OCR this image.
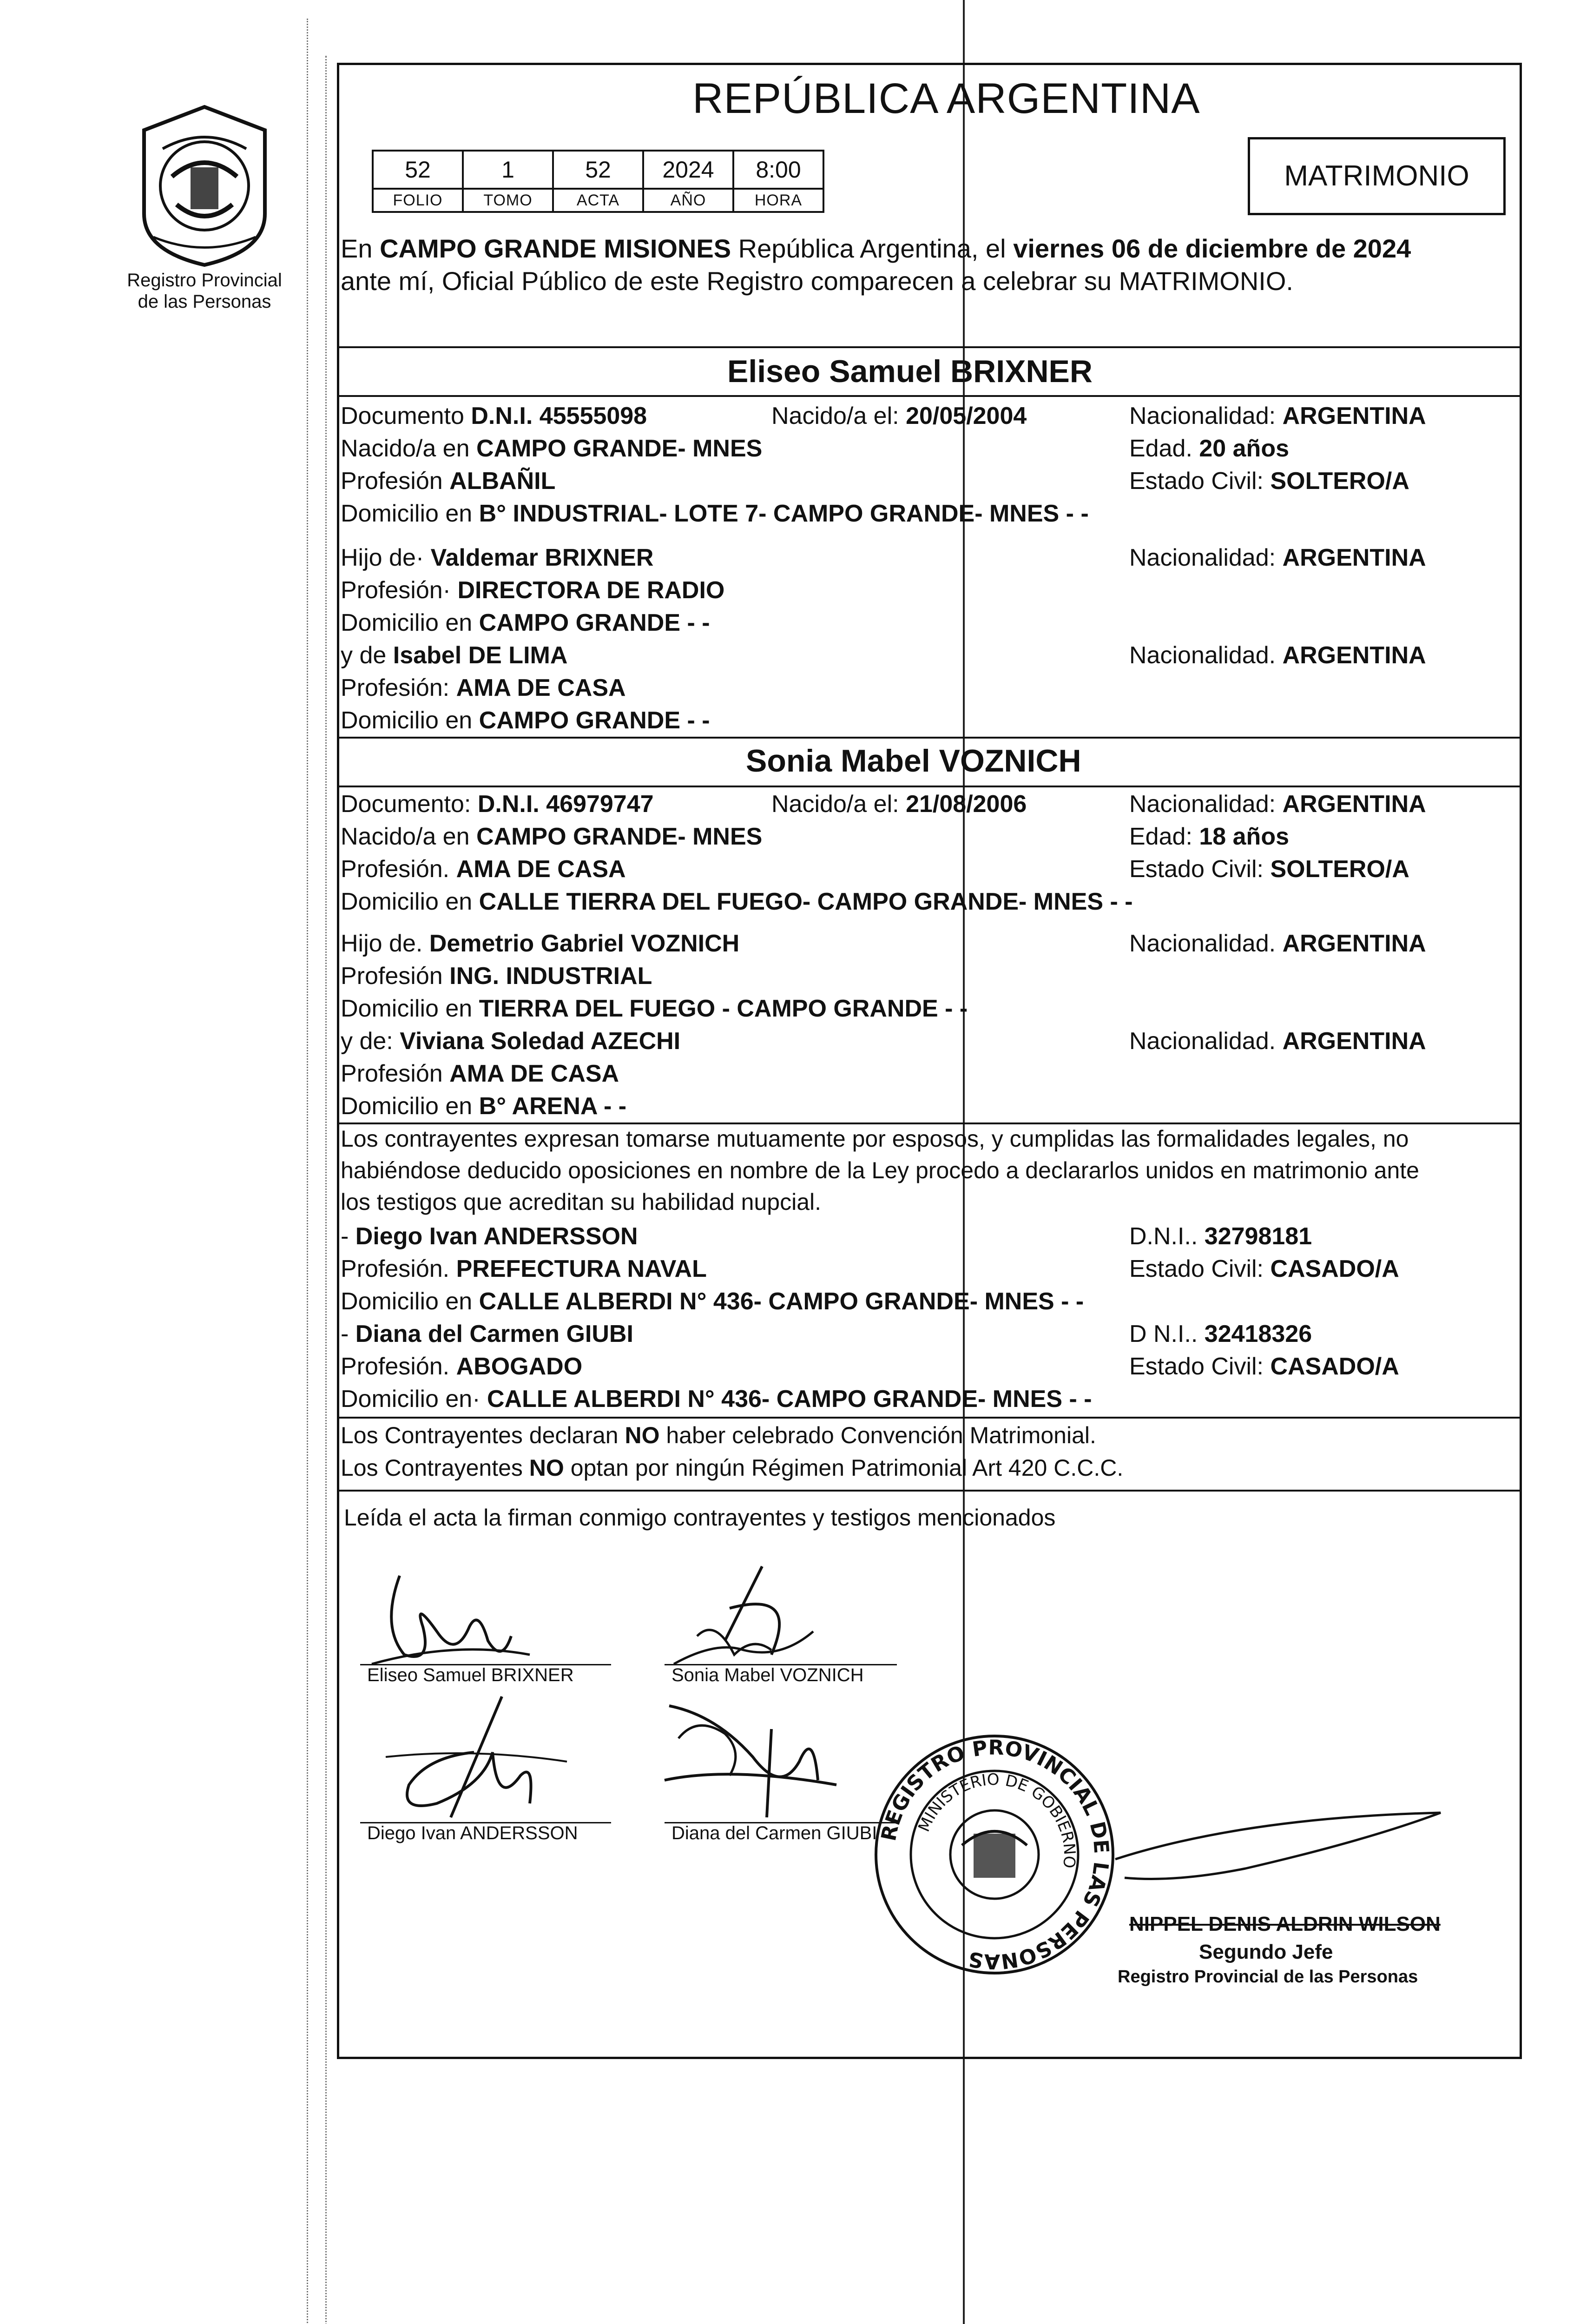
Registro Provincial
de las Personas
REPÚBLICA ARGENTINA
52	1	52	2024	8:00
FOLIO	TOMO	ACTA	AÑO	HORA
MATRIMONIO
En CAMPO GRANDE MISIONES República Argentina, el viernes 06 de diciembre de 2024
ante mí, Oficial Público de este Registro comparecen a celebrar su MATRIMONIO.
Eliseo Samuel BRIXNER
Documento D.N.I. 45555098	Nacido/a el: 20/05/2004	Nacionalidad: ARGENTINA
Nacido/a en CAMPO GRANDE- MNES	Edad. 20 años
Profesión ALBAÑIL	Estado Civil: SOLTERO/A
Domicilio en B° INDUSTRIAL- LOTE 7- CAMPO GRANDE- MNES - -
Hijo de· Valdemar BRIXNER	Nacionalidad: ARGENTINA
Profesión· DIRECTORA DE RADIO
Domicilio en CAMPO GRANDE - -
y de Isabel DE LIMA	Nacionalidad. ARGENTINA
Profesión: AMA DE CASA
Domicilio en CAMPO GRANDE - -
Sonia Mabel VOZNICH
Documento: D.N.I. 46979747	Nacido/a el: 21/08/2006	Nacionalidad: ARGENTINA
Nacido/a en CAMPO GRANDE- MNES	Edad: 18 años
Profesión. AMA DE CASA	Estado Civil: SOLTERO/A
Domicilio en CALLE TIERRA DEL FUEGO- CAMPO GRANDE- MNES - -
Hijo de. Demetrio Gabriel VOZNICH	Nacionalidad. ARGENTINA
Profesión ING. INDUSTRIAL
Domicilio en TIERRA DEL FUEGO - CAMPO GRANDE - -
y de: Viviana Soledad AZECHI	Nacionalidad. ARGENTINA
Profesión AMA DE CASA
Domicilio en B° ARENA - -
Los contrayentes expresan tomarse mutuamente por esposos, y cumplidas las formalidades legales, no
habiéndose deducido oposiciones en nombre de la Ley procedo a declararlos unidos en matrimonio ante
los testigos que acreditan su habilidad nupcial.
- Diego Ivan ANDERSSON	D.N.I.. 32798181
Profesión. PREFECTURA NAVAL	Estado Civil: CASADO/A
Domicilio en CALLE ALBERDI N° 436- CAMPO GRANDE- MNES - -
- Diana del Carmen GIUBI	D N.I.. 32418326
Profesión. ABOGADO	Estado Civil: CASADO/A
Domicilio en· CALLE ALBERDI N° 436- CAMPO GRANDE- MNES - -
Los Contrayentes declaran NO haber celebrado Convención Matrimonial.
Los Contrayentes NO optan por ningún Régimen Patrimonial Art 420 C.C.C.
Leída el acta la firman conmigo contrayentes y testigos mencionados
Eliseo Samuel BRIXNER	Sonia Mabel VOZNICH
Diego Ivan ANDERSSON	Diana del Carmen GIUBI REGISTRO PROVINCIAL DE LAS PERSONAS
MINISTERIO DE GOBIERNO
NIPPEL DENIS ALDRIN WILSON
Segundo Jefe
Registro Provincial de las Personas
